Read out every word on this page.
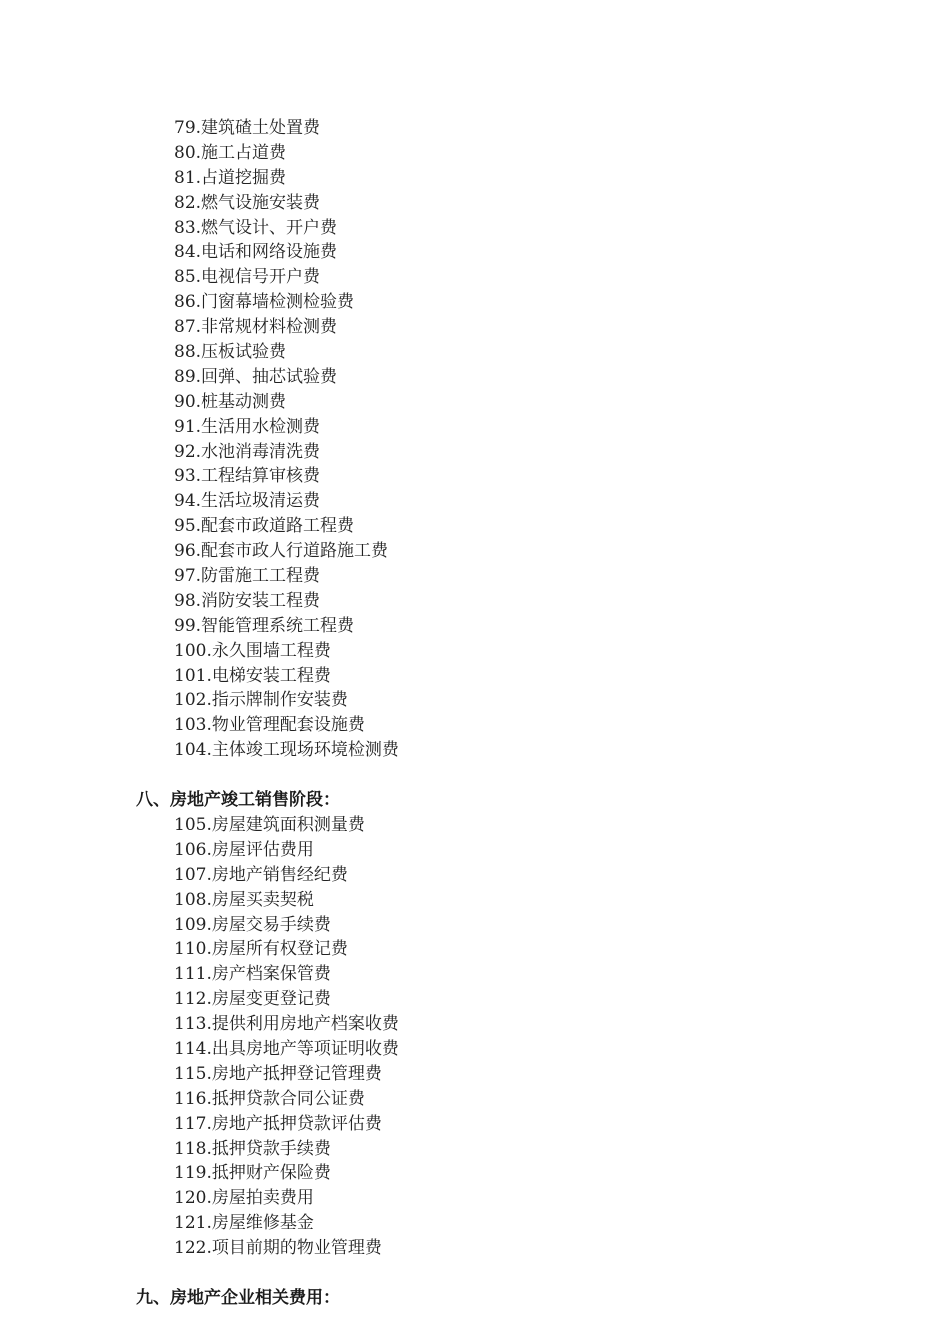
79.建筑碴土处置费
80.施工占道费
81.占道挖掘费
82.燃气设施安装费
83.燃气设计、开户费
84.电话和网络设施费
85.电视信号开户费
86.门窗幕墙检测检验费
87.非常规材料检测费
88.压板试验费
89.回弹、抽芯试验费
90.桩基动测费
91.生活用水检测费
92.水池消毒清洗费
93.工程结算审核费
94.生活垃圾清运费
95.配套市政道路工程费
96.配套市政人行道路施工费
97.防雷施工工程费
98.消防安装工程费
99.智能管理系统工程费
100.永久围墙工程费
101.电梯安装工程费
102.指示牌制作安装费
103.物业管理配套设施费
104.主体竣工现场环境检测费
八、房地产竣工销售阶段：
105.房屋建筑面积测量费
106.房屋评估费用
107.房地产销售经纪费
108.房屋买卖契税
109.房屋交易手续费
110.房屋所有权登记费
111.房产档案保管费
112.房屋变更登记费
113.提供利用房地产档案收费
114.出具房地产等项证明收费
115.房地产抵押登记管理费
116.抵押贷款合同公证费
117.房地产抵押贷款评估费
118.抵押贷款手续费
119.抵押财产保险费
120.房屋拍卖费用
121.房屋维修基金
122.项目前期的物业管理费
九、房地产企业相关费用：
